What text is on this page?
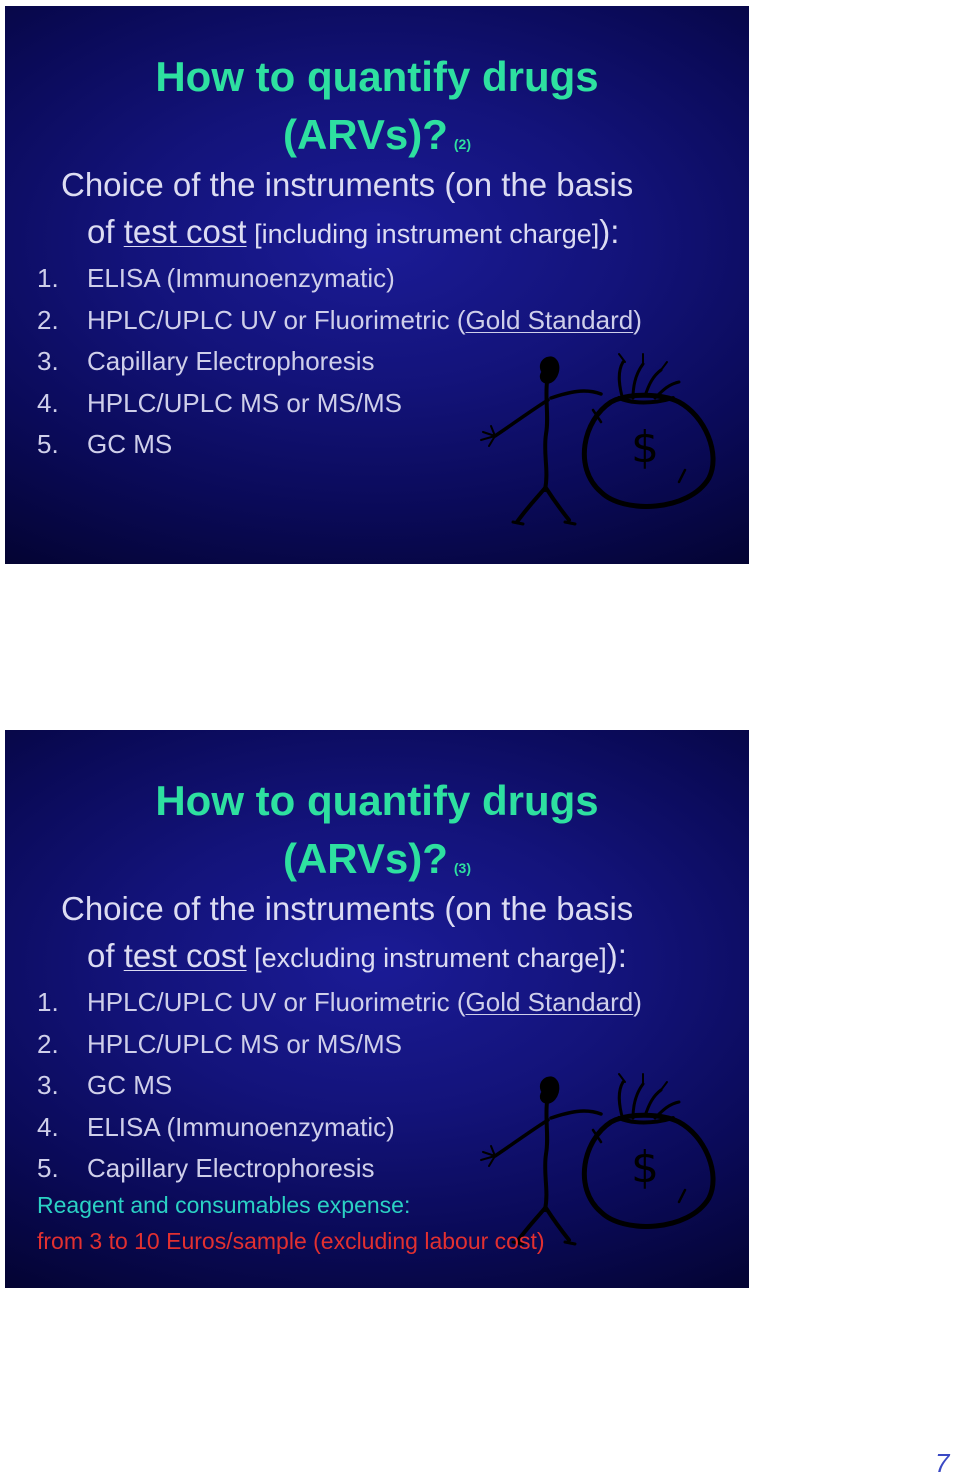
How to quantify drugs
(ARVs)? (2)
Choice of the instruments (on the basis
of test cost [including instrument charge]):
1. ELISA (Immunoenzymatic)
2. HPLC/UPLC UV or Fluorimetric (Gold Standard)
3. Capillary Electrophoresis
4. HPLC/UPLC MS or MS/MS
5. GC MS	$
How to quantify drugs
(ARVs)? (3)
Choice of the instruments (on the basis
of test cost [excluding instrument charge]):
1. HPLC/UPLC UV or Fluorimetric (Gold Standard)
2. HPLC/UPLC MS or MS/MS
3. GC MS
4. ELISA (Immunoenzymatic)
5. Capillary Electrophoresis	$
Reagent and consumables expense:
from 3 to 10 Euros/sample (excluding labour cost)
7
